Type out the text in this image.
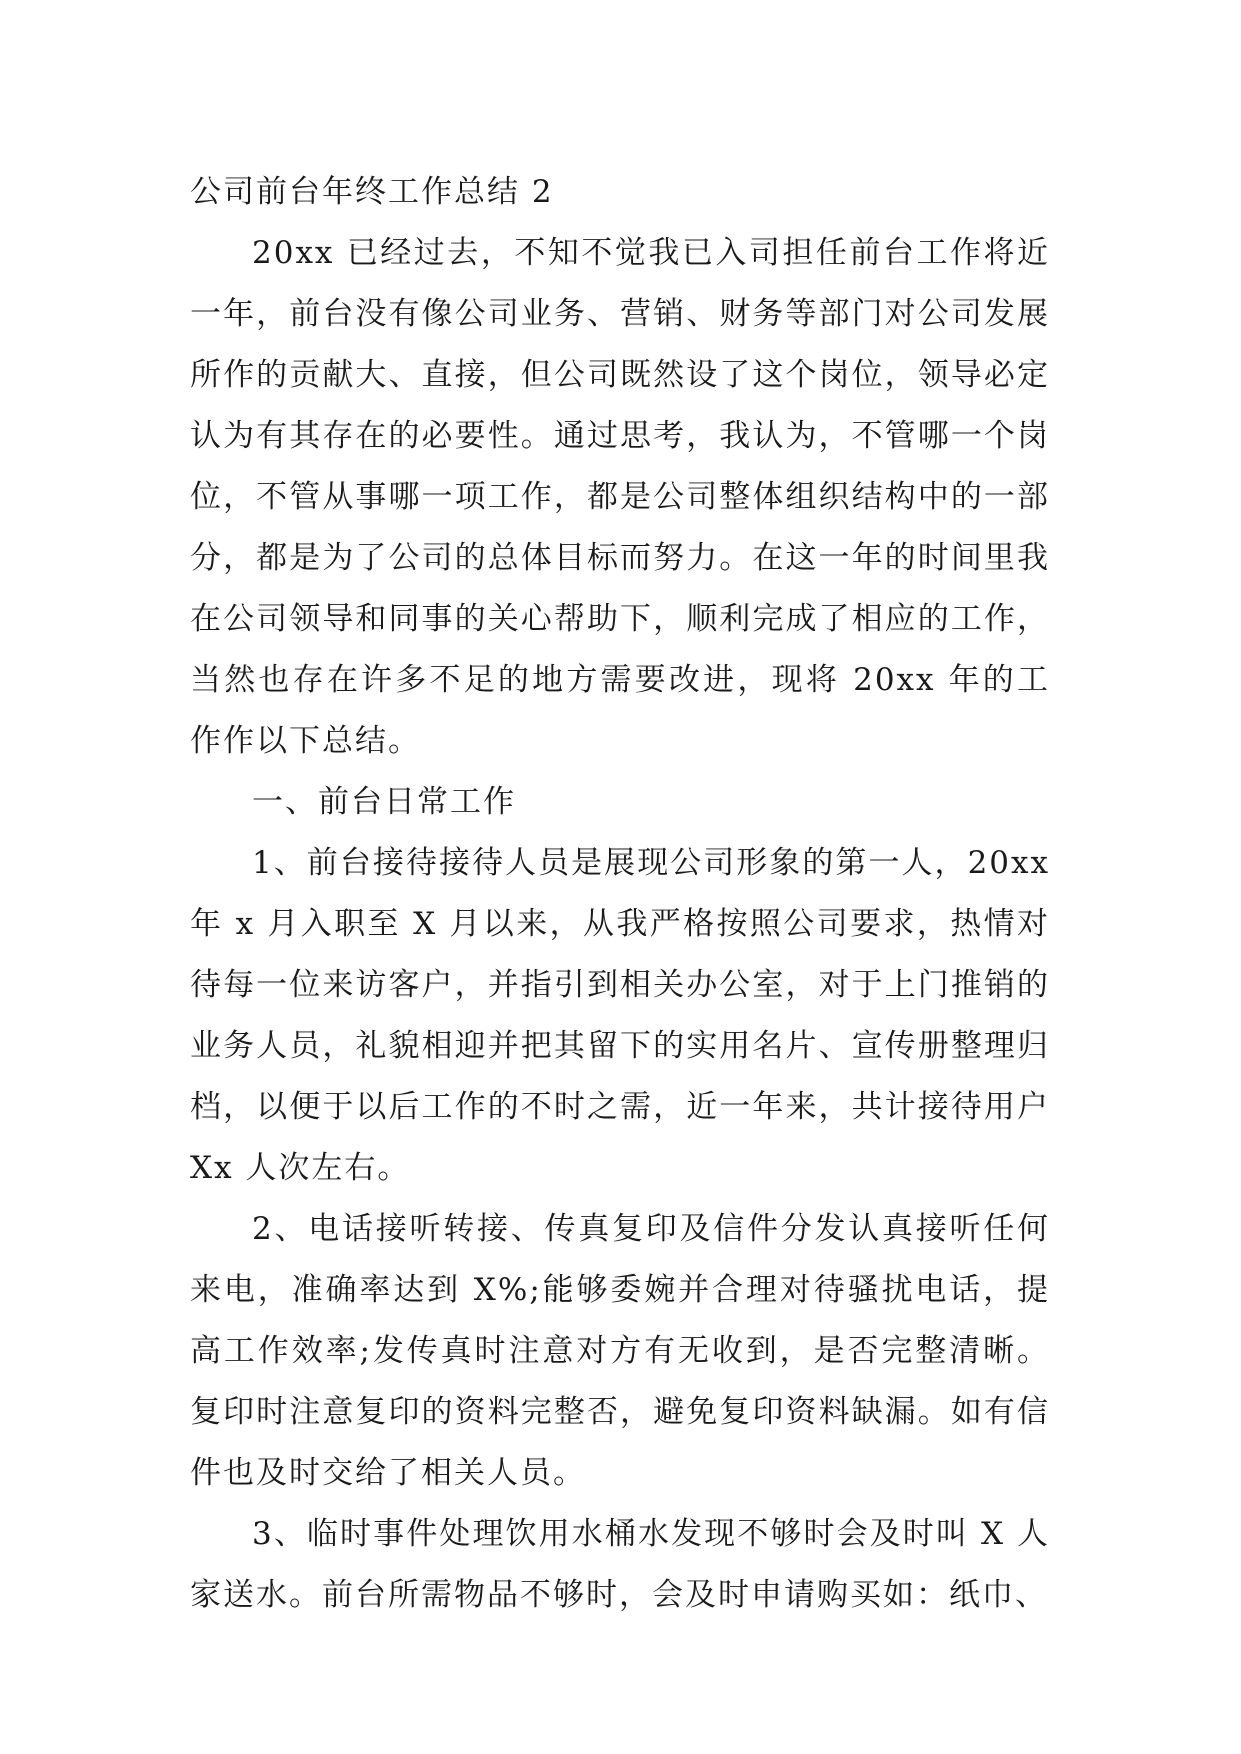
公司前台年终工作总结 2

20xx 已经过去，不知不觉我已入司担任前台工作将近一年，前台没有像公司业务、营销、财务等部门对公司发展所作的贡献大、直接，但公司既然设了这个岗位，领导必定认为有其存在的必要性。通过思考，我认为，不管哪一个岗位，不管从事哪一项工作，都是公司整体组织结构中的一部分，都是为了公司的总体目标而努力。在这一年的时间里我在公司领导和同事的关心帮助下，顺利完成了相应的工作，当然也存在许多不足的地方需要改进，现将 20xx 年的工作作以下总结。

一、前台日常工作

1、前台接待接待人员是展现公司形象的第一人，20xx 年 x 月入职至 X 月以来，从我严格按照公司要求，热情对待每一位来访客户，并指引到相关办公室，对于上门推销的业务人员，礼貌相迎并把其留下的实用名片、宣传册整理归档，以便于以后工作的不时之需，近一年来，共计接待用户 Xx 人次左右。

2、电话接听转接、传真复印及信件分发认真接听任何来电，准确率达到 X%;能够委婉并合理对待骚扰电话，提高工作效率;发传真时注意对方有无收到，是否完整清晰。复印时注意复印的资料完整否，避免复印资料缺漏。如有信件也及时交给了相关人员。

3、临时事件处理饮用水桶水发现不够时会及时叫 X 人家送水。前台所需物品不够时，会及时申请购买如：纸巾、
